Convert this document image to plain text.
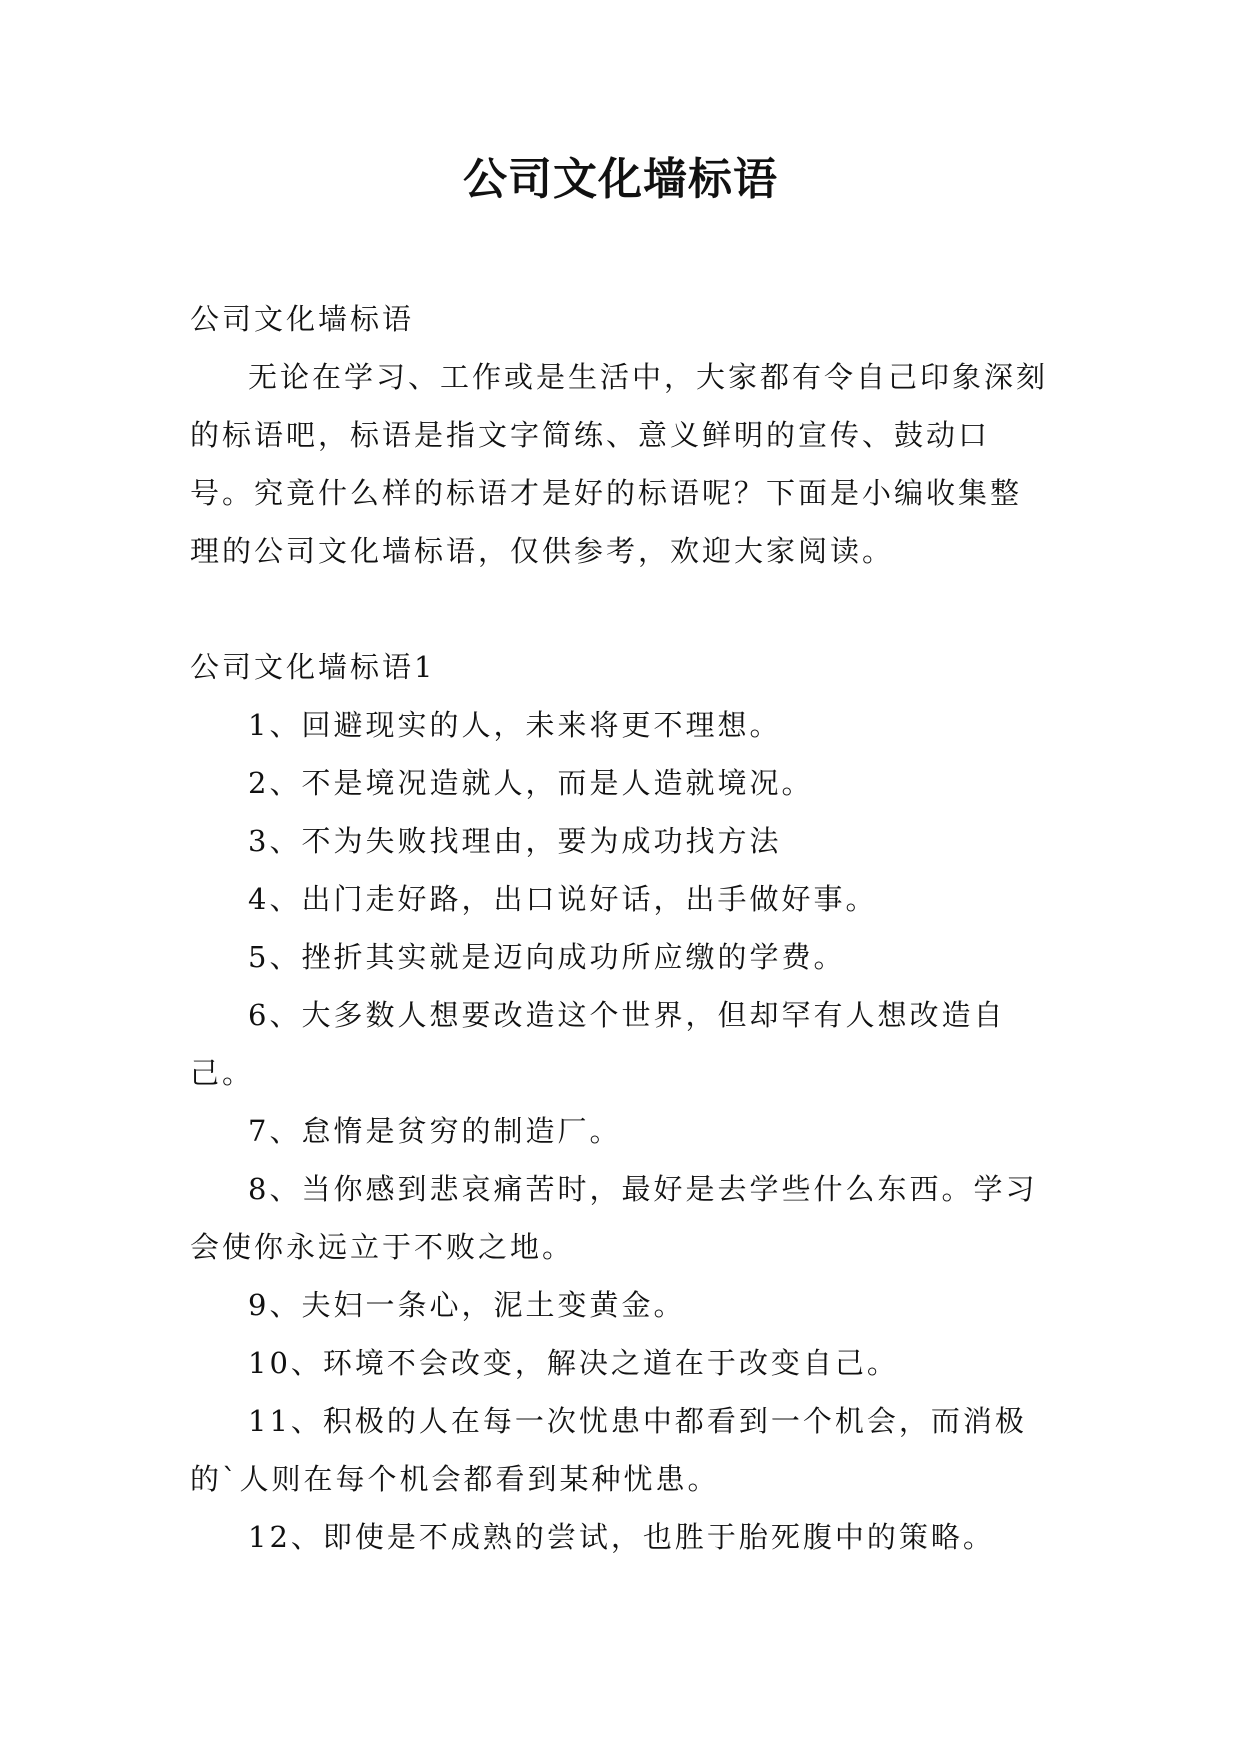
公司文化墙标语

公司文化墙标语

无论在学习、工作或是生活中，大家都有令自己印象深刻的标语吧，标语是指文字简练、意义鲜明的宣传、鼓动口号。究竟什么样的标语才是好的标语呢？下面是小编收集整理的公司文化墙标语，仅供参考，欢迎大家阅读。

公司文化墙标语1

1、回避现实的人，未来将更不理想。
2、不是境况造就人，而是人造就境况。
3、不为失败找理由，要为成功找方法
4、出门走好路，出口说好话，出手做好事。
5、挫折其实就是迈向成功所应缴的学费。
6、大多数人想要改造这个世界，但却罕有人想改造自己。
7、怠惰是贫穷的制造厂。
8、当你感到悲哀痛苦时，最好是去学些什么东西。学习会使你永远立于不败之地。
9、夫妇一条心，泥土变黄金。
10、环境不会改变，解决之道在于改变自己。
11、积极的人在每一次忧患中都看到一个机会，而消极的`人则在每个机会都看到某种忧患。
12、即使是不成熟的尝试，也胜于胎死腹中的策略。
